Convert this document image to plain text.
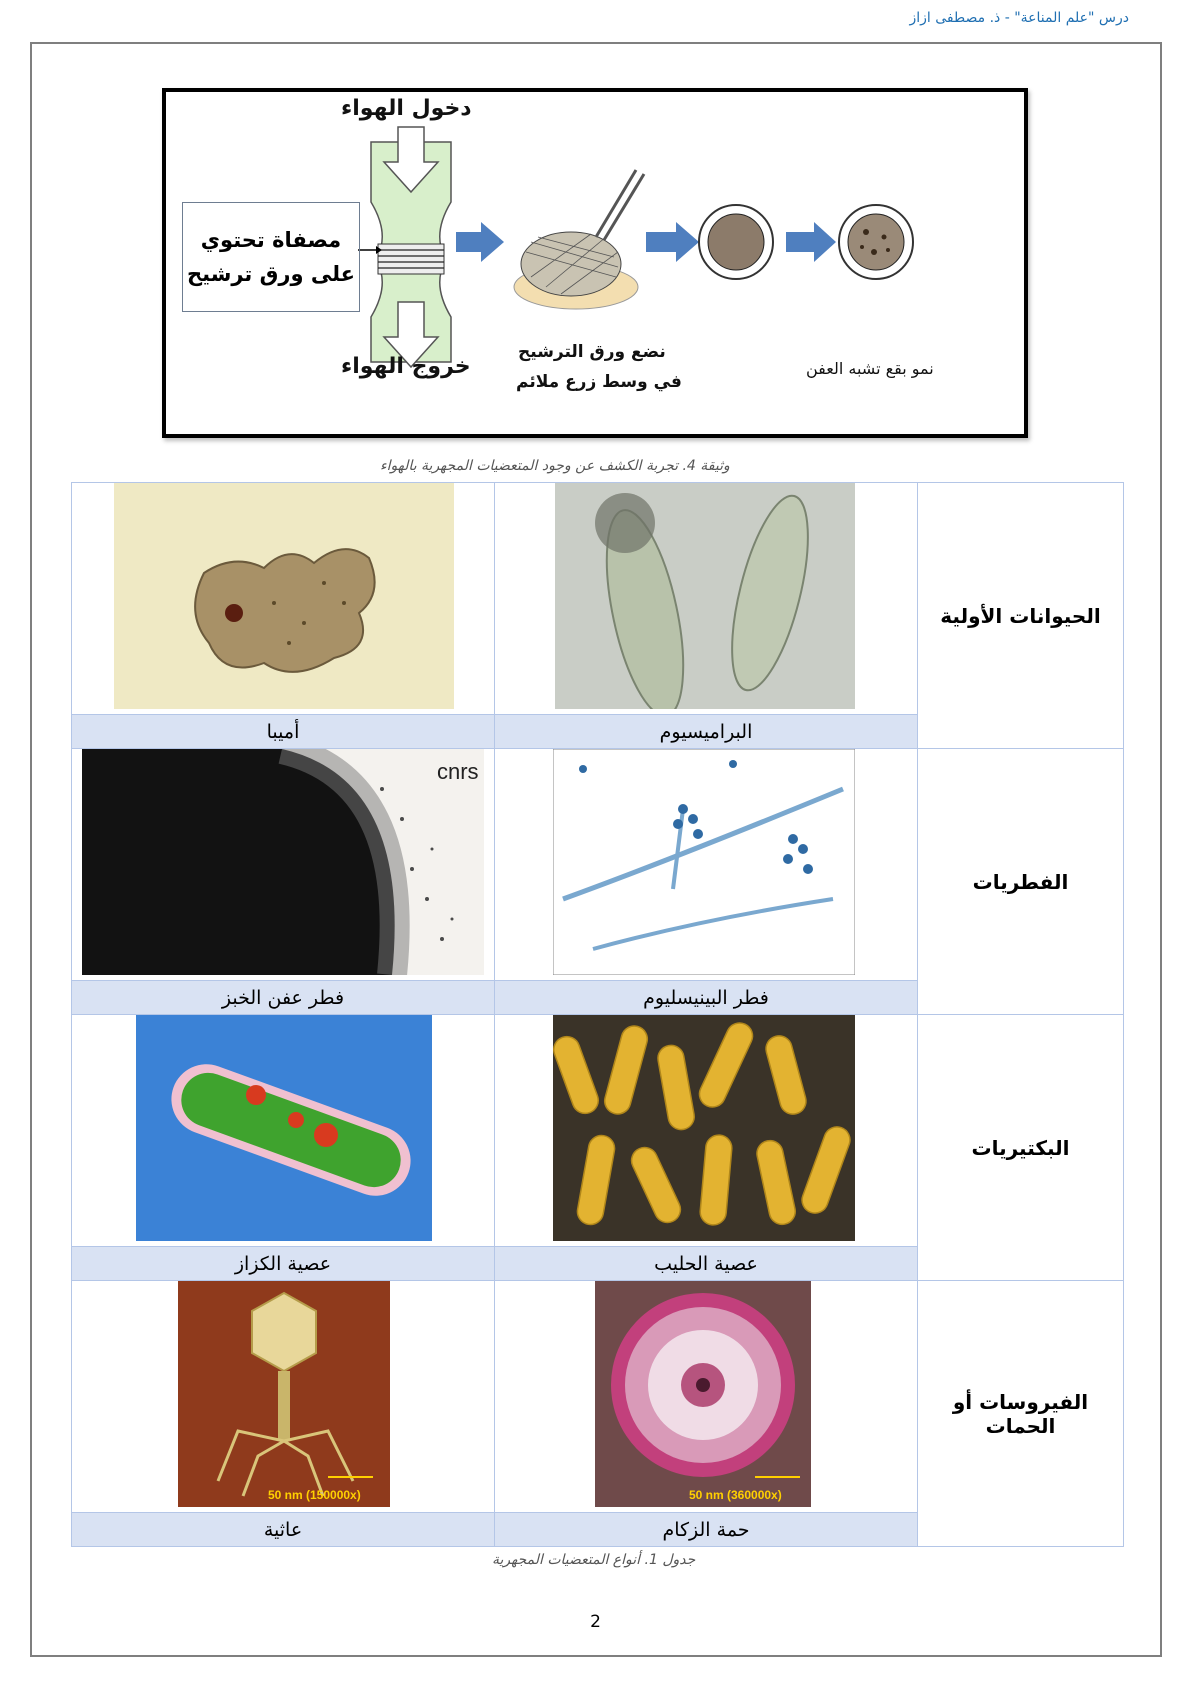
درس "علم المناعة" - ذ. مصطفى ازاز
دخول الهواء
مصفاة تحتوي
على ورق ترشيح
خروج الهواء
نضع ورق الترشيح
في وسط زرع ملائم
نمو بقع تشبه العفن
وثيقة 4. تجربة الكشف عن وجود المتعضيات المجهرية بالهواء

	الحيوانات الأولية
أميبا	البراميسيوم	

cnrs		الفطريات
فطر عفن الخبز	فطر البينيسليوم	

	البكتيريات
عصية الكزاز	عصية الحليب	

50 nm (150000x)	50 nm (360000x)	الفيروسات أو الحمات
عاثية	حمة الزكام	
جدول 1. أنواع المتعضيات المجهرية
2
